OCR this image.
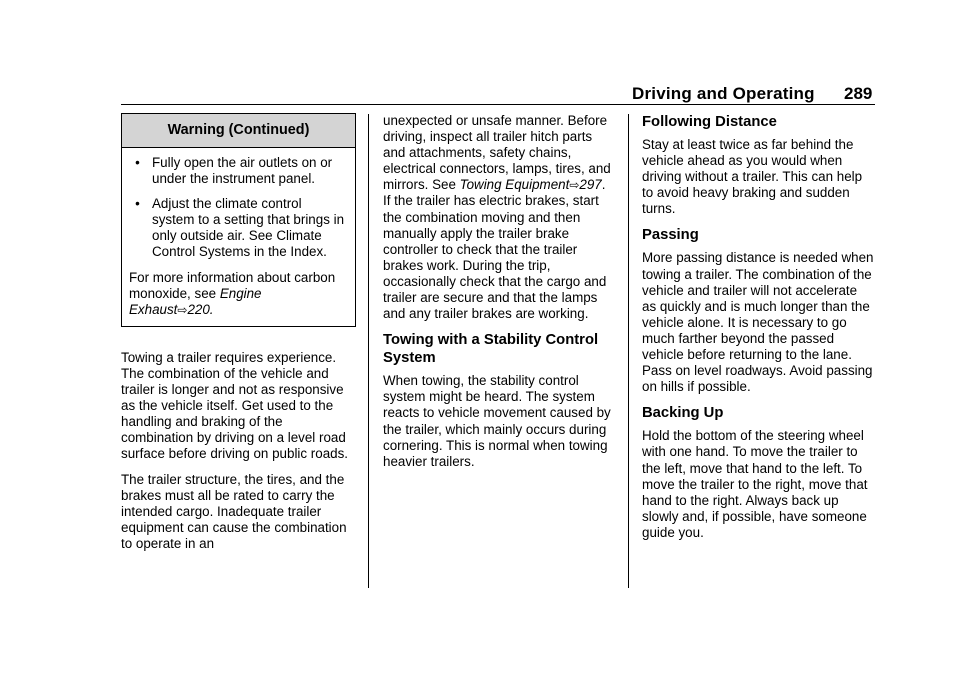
Driving and Operating 289
Warning (Continued)
• Fully open the air outlets on or under the instrument panel.
• Adjust the climate control system to a setting that brings in only outside air. See Climate Control Systems in the Index.

For more information about carbon monoxide, see Engine Exhaust⇨220.

Towing a trailer requires experience. The combination of the vehicle and trailer is longer and not as responsive as the vehicle itself. Get used to the handling and braking of the combination by driving on a level road surface before driving on public roads.

The trailer structure, the tires, and the brakes must all be rated to carry the intended cargo. Inadequate trailer equipment can cause the combination to operate in an

unexpected or unsafe manner. Before driving, inspect all trailer hitch parts and attachments, safety chains, electrical connectors, lamps, tires, and mirrors. See Towing Equipment⇨297. If the trailer has electric brakes, start the combination moving and then manually apply the trailer brake controller to check that the trailer brakes work. During the trip, occasionally check that the cargo and trailer are secure and that the lamps and any trailer brakes are working.

Towing with a Stability Control System

When towing, the stability control system might be heard. The system reacts to vehicle movement caused by the trailer, which mainly occurs during cornering. This is normal when towing heavier trailers.

Following Distance

Stay at least twice as far behind the vehicle ahead as you would when driving without a trailer. This can help to avoid heavy braking and sudden turns.

Passing

More passing distance is needed when towing a trailer. The combination of the vehicle and trailer will not accelerate as quickly and is much longer than the vehicle alone. It is necessary to go much farther beyond the passed vehicle before returning to the lane. Pass on level roadways. Avoid passing on hills if possible.

Backing Up

Hold the bottom of the steering wheel with one hand. To move the trailer to the left, move that hand to the left. To move the trailer to the right, move that hand to the right. Always back up slowly and, if possible, have someone guide you.
